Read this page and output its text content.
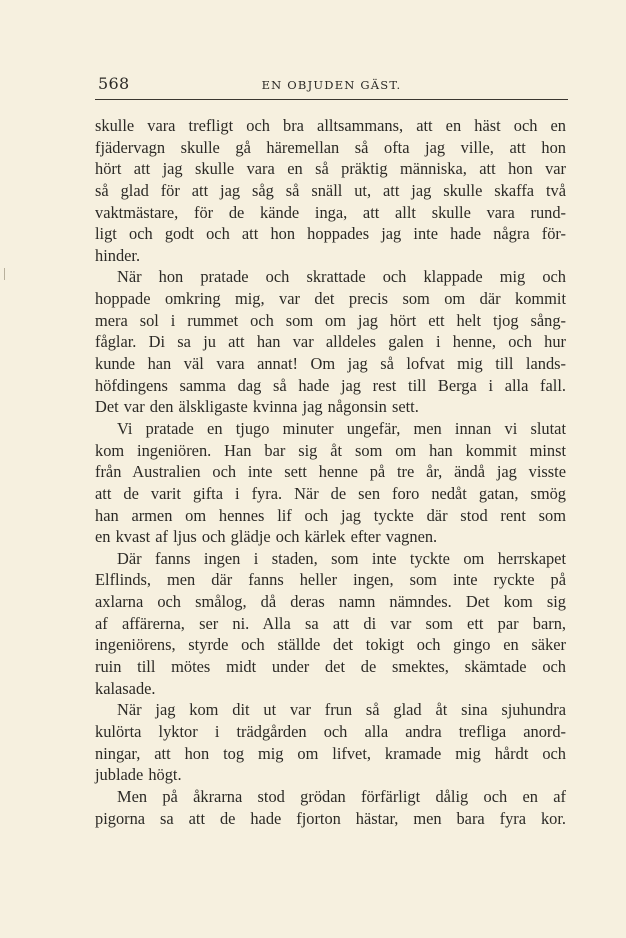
568	EN OBJUDEN GÄST.
skulle vara trefligt och bra alltsammans, att en häst och en
fjädervagn skulle gå häremellan så ofta jag ville, att hon
hört att jag skulle vara en så präktig människa, att hon var
så glad för att jag såg så snäll ut, att jag skulle skaffa två
vaktmästare, för de kände inga, att allt skulle vara rund-
ligt och godt och att hon hoppades jag inte hade några för-
hinder.
När hon pratade och skrattade och klappade mig och
hoppade omkring mig, var det precis som om där kommit
mera sol i rummet och som om jag hört ett helt tjog sång-
fåglar. Di sa ju att han var alldeles galen i henne, och hur
kunde han väl vara annat! Om jag så lofvat mig till lands-
höfdingens samma dag så hade jag rest till Berga i alla fall.
Det var den älskligaste kvinna jag någonsin sett.
Vi pratade en tjugo minuter ungefär, men innan vi slutat
kom ingeniören. Han bar sig åt som om han kommit minst
från Australien och inte sett henne på tre år, ändå jag visste
att de varit gifta i fyra. När de sen foro nedåt gatan, smög
han armen om hennes lif och jag tyckte där stod rent som
en kvast af ljus och glädje och kärlek efter vagnen.
Där fanns ingen i staden, som inte tyckte om herrskapet
Elflinds, men där fanns heller ingen, som inte ryckte på
axlarna och smålog, då deras namn nämndes. Det kom sig
af affärerna, ser ni. Alla sa att di var som ett par barn,
ingeniörens, styrde och ställde det tokigt och gingo en säker
ruin till mötes midt under det de smektes, skämtade och
kalasade.
När jag kom dit ut var frun så glad åt sina sjuhundra
kulörta lyktor i trädgården och alla andra trefliga anord-
ningar, att hon tog mig om lifvet, kramade mig hårdt och
jublade högt.
Men på åkrarna stod grödan förfärligt dålig och en af
pigorna sa att de hade fjorton hästar, men bara fyra kor.
